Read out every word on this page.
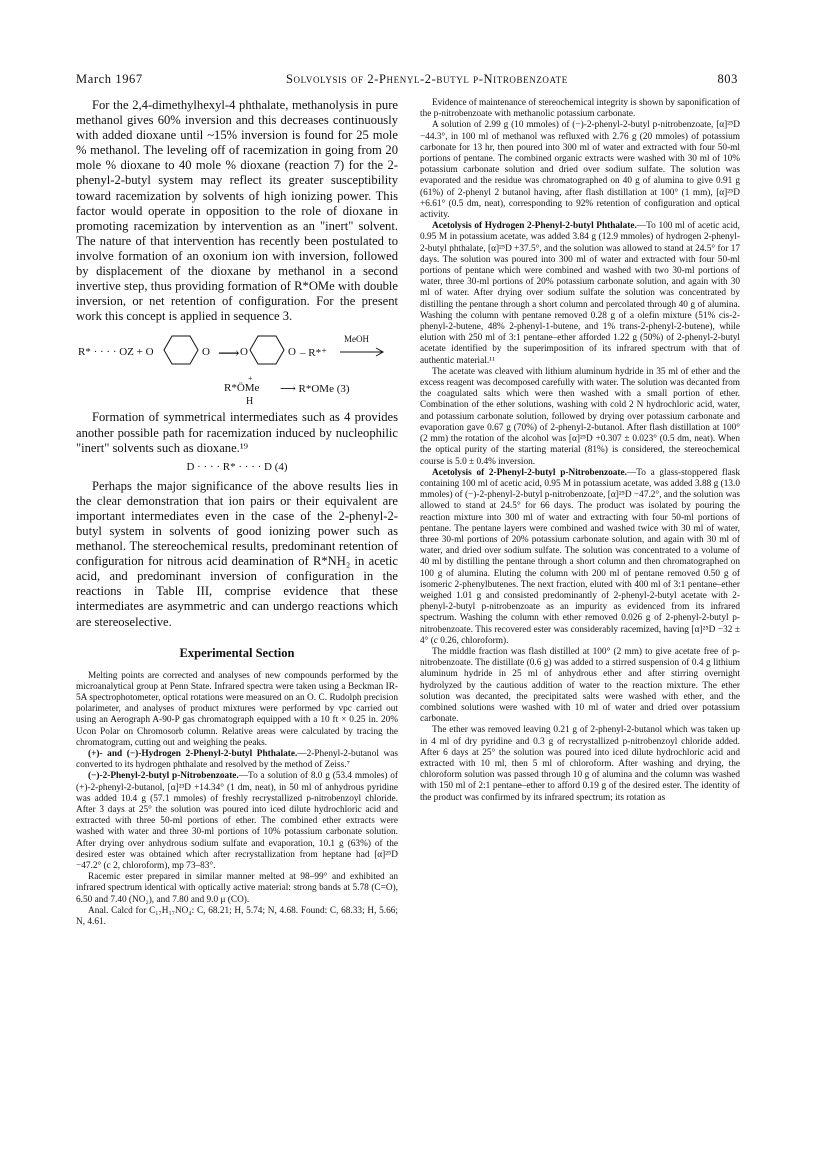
March 1967	Solvolysis of 2-Phenyl-2-butyl p-Nitrobenzoate	803

For the 2,4-dimethylhexyl-4 phthalate, methanolysis in pure methanol gives 60% inversion and this decreases continuously with added dioxane until ~15% inversion is found for 25 mole % methanol. The leveling off of racemization in going from 20 mole % dioxane to 40 mole % dioxane (reaction 7) for the 2-phenyl-2-butyl system may reflect its greater susceptibility toward racemization by solvents of high ionizing power. This factor would operate in opposition to the role of dioxane in promoting racemization by intervention as an "inert" solvent. The nature of that intervention has recently been postulated to involve formation of an oxonium ion with inversion, followed by displacement of the dioxane by methanol in a second invertive step, thus providing formation of R*OMe with double inversion, or net retention of configuration. For the present work this concept is applied in sequence 3.

R* · · · · OZ + O	O ⟶ O	O – R*⁺
MeOH
+
R*ÖMe
H
⟶ R*OMe (3)

Formation of symmetrical intermediates such as 4 provides another possible path for racemization induced by nucleophilic "inert" solvents such as dioxane.¹⁹

D · · · · R* · · · · D (4)

Perhaps the major significance of the above results lies in the clear demonstration that ion pairs or their equivalent are important intermediates even in the case of the 2-phenyl-2-butyl system in solvents of good ionizing power such as methanol. The stereochemical results, predominant retention of configuration for nitrous acid deamination of R*NH₂ in acetic acid, and predominant inversion of configuration in the reactions in Table III, comprise evidence that these intermediates are asymmetric and can undergo reactions which are stereoselective.

Experimental Section

Melting points are corrected and analyses of new compounds performed by the microanalytical group at Penn State. Infrared spectra were taken using a Beckman IR-5A spectrophotometer, optical rotations were measured on an O. C. Rudolph precision polarimeter, and analyses of product mixtures were performed by vpc carried out using an Aerograph A-90-P gas chromatograph equipped with a 10 ft × 0.25 in. 20% Ucon Polar on Chromosorb column. Relative areas were calculated by tracing the chromatogram, cutting out and weighing the peaks.

(+)- and (−)-Hydrogen 2-Phenyl-2-butyl Phthalate.—2-Phenyl-2-butanol was converted to its hydrogen phthalate and resolved by the method of Zeiss.⁷

(−)-2-Phenyl-2-butyl p-Nitrobenzoate.—To a solution of 8.0 g (53.4 mmoles) of (+)-2-phenyl-2-butanol, [α]²³D +14.34° (1 dm, neat), in 50 ml of anhydrous pyridine was added 10.4 g (57.1 mmoles) of freshly recrystallized p-nitrobenzoyl chloride. After 3 days at 25° the solution was poured into iced dilute hydrochloric acid and extracted with three 50-ml portions of ether. The combined ether extracts were washed with water and three 30-ml portions of 10% potassium carbonate solution. After drying over anhydrous sodium sulfate and evaporation, 10.1 g (63%) of the desired ester was obtained which after recrystallization from heptane had [α]²⁵D −47.2° (c 2, chloroform), mp 73–83°.

Racemic ester prepared in similar manner melted at 98–99° and exhibited an infrared spectrum identical with optically active material: strong bands at 5.78 (C=O), 6.50 and 7.40 (NO₂), and 7.80 and 9.0 μ (CO).

Anal. Calcd for C₁₇H₁₇NO₄: C, 68.21; H, 5.74; N, 4.68. Found: C, 68.33; H, 5.66; N, 4.61.

Evidence of maintenance of stereochemical integrity is shown by saponification of the p-nitrobenzoate with methanolic potassium carbonate.

A solution of 2.99 g (10 mmoles) of (−)-2-phenyl-2-butyl p-nitrobenzoate, [α]²⁵D −44.3°, in 100 ml of methanol was refluxed with 2.76 g (20 mmoles) of potassium carbonate for 13 hr, then poured into 300 ml of water and extracted with four 50-ml portions of pentane. The combined organic extracts were washed with 30 ml of 10% potassium carbonate solution and dried over sodium sulfate. The solution was evaporated and the residue was chromatographed on 40 g of alumina to give 0.91 g (61%) of 2-phenyl 2 butanol having, after flash distillation at 100° (1 mm), [α]²⁵D +6.61° (0.5 dm, neat), corresponding to 92% retention of configuration and optical activity.

Acetolysis of Hydrogen 2-Phenyl-2-butyl Phthalate.—To 100 ml of acetic acid, 0.95 M in potassium acetate, was added 3.84 g (12.9 mmoles) of hydrogen 2-phenyl-2-butyl phthalate, [α]²⁵D +37.5°, and the solution was allowed to stand at 24.5° for 17 days. The solution was poured into 300 ml of water and extracted with four 50-ml portions of pentane which were combined and washed with two 30-ml portions of water, three 30-ml portions of 20% potassium carbonate solution, and again with 30 ml of water. After drying over sodium sulfate the solution was concentrated by distilling the pentane through a short column and percolated through 40 g of alumina. Washing the column with pentane removed 0.28 g of a olefin mixture (51% cis-2-phenyl-2-butene, 48% 2-phenyl-1-butene, and 1% trans-2-phenyl-2-butene), while elution with 250 ml of 3:1 pentane–ether afforded 1.22 g (50%) of 2-phenyl-2-butyl acetate identified by the superimposition of its infrared spectrum with that of authentic material.¹¹

The acetate was cleaved with lithium aluminum hydride in 35 ml of ether and the excess reagent was decomposed carefully with water. The solution was decanted from the coagulated salts which were then washed with a small portion of ether. Combination of the ether solutions, washing with cold 2 N hydrochloric acid, water, and potassium carbonate solution, followed by drying over potassium carbonate and evaporation gave 0.67 g (70%) of 2-phenyl-2-butanol. After flash distillation at 100° (2 mm) the rotation of the alcohol was [α]²⁵D +0.307 ± 0.023° (0.5 dm, neat). When the optical purity of the starting material (81%) is considered, the stereochemical course is 5.0 ± 0.4% inversion.

Acetolysis of 2-Phenyl-2-butyl p-Nitrobenzoate.—To a glass-stoppered flask containing 100 ml of acetic acid, 0.95 M in potassium acetate, was added 3.88 g (13.0 mmoles) of (−)-2-phenyl-2-butyl p-nitrobenzoate, [α]²⁵D −47.2°, and the solution was allowed to stand at 24.5° for 66 days. The product was isolated by pouring the reaction mixture into 300 ml of water and extracting with four 50-ml portions of pentane. The pentane layers were combined and washed twice with 30 ml of water, three 30-ml portions of 20% potassium carbonate solution, and again with 30 ml of water, and dried over sodium sulfate. The solution was concentrated to a volume of 40 ml by distilling the pentane through a short column and then chromatographed on 100 g of alumina. Eluting the column with 200 ml of pentane removed 0.50 g of isomeric 2-phenylbutenes. The next fraction, eluted with 400 ml of 3:1 pentane–ether weighed 1.01 g and consisted predominantly of 2-phenyl-2-butyl acetate with 2-phenyl-2-butyl p-nitrobenzoate as an impurity as evidenced from its infrared spectrum. Washing the column with ether removed 0.026 g of 2-phenyl-2-butyl p-nitrobenzoate. This recovered ester was considerably racemized, having [α]²⁵D −32 ± 4° (c 0.26, chloroform).

The middle fraction was flash distilled at 100° (2 mm) to give acetate free of p-nitrobenzoate. The distillate (0.6 g) was added to a stirred suspension of 0.4 g lithium aluminum hydride in 25 ml of anhydrous ether and after stirring overnight hydrolyzed by the cautious addition of water to the reaction mixture. The ether solution was decanted, the precipitated salts were washed with ether, and the combined solutions were washed with 10 ml of water and dried over potassium carbonate.

The ether was removed leaving 0.21 g of 2-phenyl-2-butanol which was taken up in 4 ml of dry pyridine and 0.3 g of recrystallized p-nitrobenzoyl chloride added. After 6 days at 25° the solution was poured into iced dilute hydrochloric acid and extracted with 10 ml, then 5 ml of chloroform. After washing and drying, the chloroform solution was passed through 10 g of alumina and the column was washed with 150 ml of 2:1 pentane–ether to afford 0.19 g of the desired ester. The identity of the product was confirmed by its infrared spectrum; its rotation as
